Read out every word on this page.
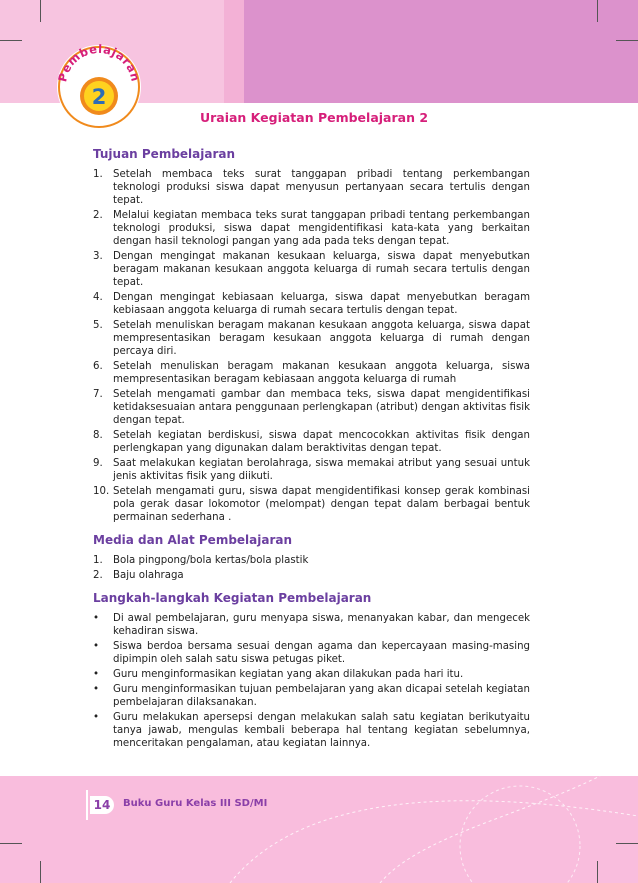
Pembelajaran
2
Uraian Kegiatan Pembelajaran 2
Tujuan Pembelajaran
1. Setelah membaca teks surat tanggapan pribadi tentang perkembangan teknologi produksi siswa dapat menyusun pertanyaan secara tertulis dengan tepat.
2. Melalui kegiatan membaca teks surat tanggapan pribadi tentang perkembangan teknologi produksi, siswa dapat mengidentifikasi kata-kata yang berkaitan dengan hasil teknologi pangan yang ada pada teks dengan tepat.
3. Dengan mengingat makanan kesukaan keluarga, siswa dapat menyebutkan beragam makanan kesukaan anggota keluarga di rumah secara tertulis dengan tepat.
4. Dengan mengingat kebiasaan keluarga, siswa dapat menyebutkan beragam kebiasaan anggota keluarga di rumah secara tertulis dengan tepat.
5. Setelah menuliskan beragam makanan kesukaan anggota keluarga, siswa dapat mempresentasikan beragam kesukaan anggota keluarga di rumah dengan percaya diri.
6. Setelah menuliskan beragam makanan kesukaan anggota keluarga, siswa mempresentasikan beragam kebiasaan anggota keluarga di rumah
7. Setelah mengamati gambar dan membaca teks, siswa dapat mengidentifikasi ketidaksesuaian antara penggunaan perlengkapan (atribut) dengan aktivitas fisik dengan tepat.
8. Setelah kegiatan berdiskusi, siswa dapat mencocokkan aktivitas fisik dengan perlengkapan yang digunakan dalam beraktivitas dengan tepat.
9. Saat melakukan kegiatan berolahraga, siswa memakai atribut yang sesuai untuk jenis aktivitas fisik yang diikuti.
10. Setelah mengamati guru, siswa dapat mengidentifikasi konsep gerak kombinasi pola gerak dasar lokomotor (melompat) dengan tepat dalam berbagai bentuk permainan sederhana .
Media dan Alat Pembelajaran
1. Bola pingpong/bola kertas/bola plastik
2. Baju olahraga
Langkah-langkah Kegiatan Pembelajaran
• Di awal pembelajaran, guru menyapa siswa, menanyakan kabar, dan mengecek kehadiran siswa.
• Siswa berdoa bersama sesuai dengan agama dan kepercayaan masing-masing dipimpin oleh salah satu siswa petugas piket.
• Guru menginformasikan kegiatan yang akan dilakukan pada hari itu.
• Guru menginformasikan tujuan pembelajaran yang akan dicapai setelah kegiatan pembelajaran dilaksanakan.
• Guru melakukan apersepsi dengan melakukan salah satu kegiatan berikutyaitu tanya jawab, mengulas kembali beberapa hal tentang kegiatan sebelumnya, menceritakan pengalaman, atau kegiatan lainnya.
14	Buku Guru Kelas III SD/MI
